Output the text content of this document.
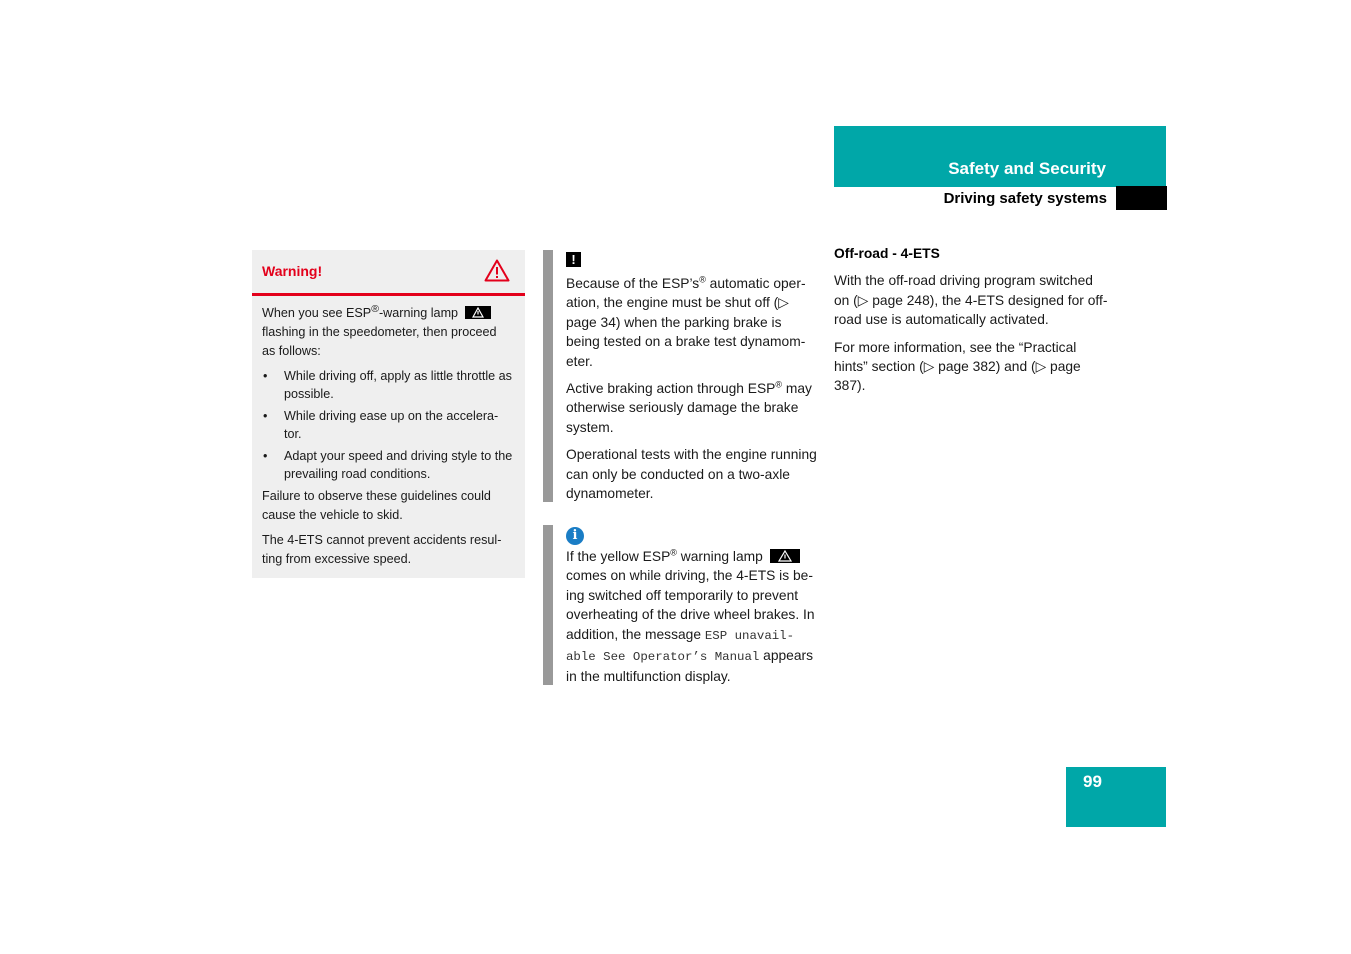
Safety and Security
Driving safety systems
Warning!

When you see ESP®-warning lamp
flashing in the speedometer, then proceed as follows:

• While driving off, apply as little throttle as possible.
• While driving ease up on the accelera-tor.
• Adapt your speed and driving style to the prevailing road conditions.

Failure to observe these guidelines could cause the vehicle to skid.

The 4-ETS cannot prevent accidents resul-ting from excessive speed.

!

Because of the ESP’s® automatic oper-ation, the engine must be shut off (▷ page 34) when the parking brake is being tested on a brake test dynamom-eter.

Active braking action through ESP® may otherwise seriously damage the brake system.

Operational tests with the engine running can only be conducted on a two-axle dynamometer.

i

If the yellow ESP® warning lamp
comes on while driving, the 4-ETS is be-ing switched off temporarily to prevent overheating of the drive wheel brakes. In addition, the message ESP unavail-able See Operator’s Manual appears in the multifunction display.

Off-road - 4-ETS

With the off-road driving program switched on (▷ page 248), the 4-ETS designed for off-road use is automatically activated.

For more information, see the “Practical hints” section (▷ page 382) and (▷ page 387).

99
